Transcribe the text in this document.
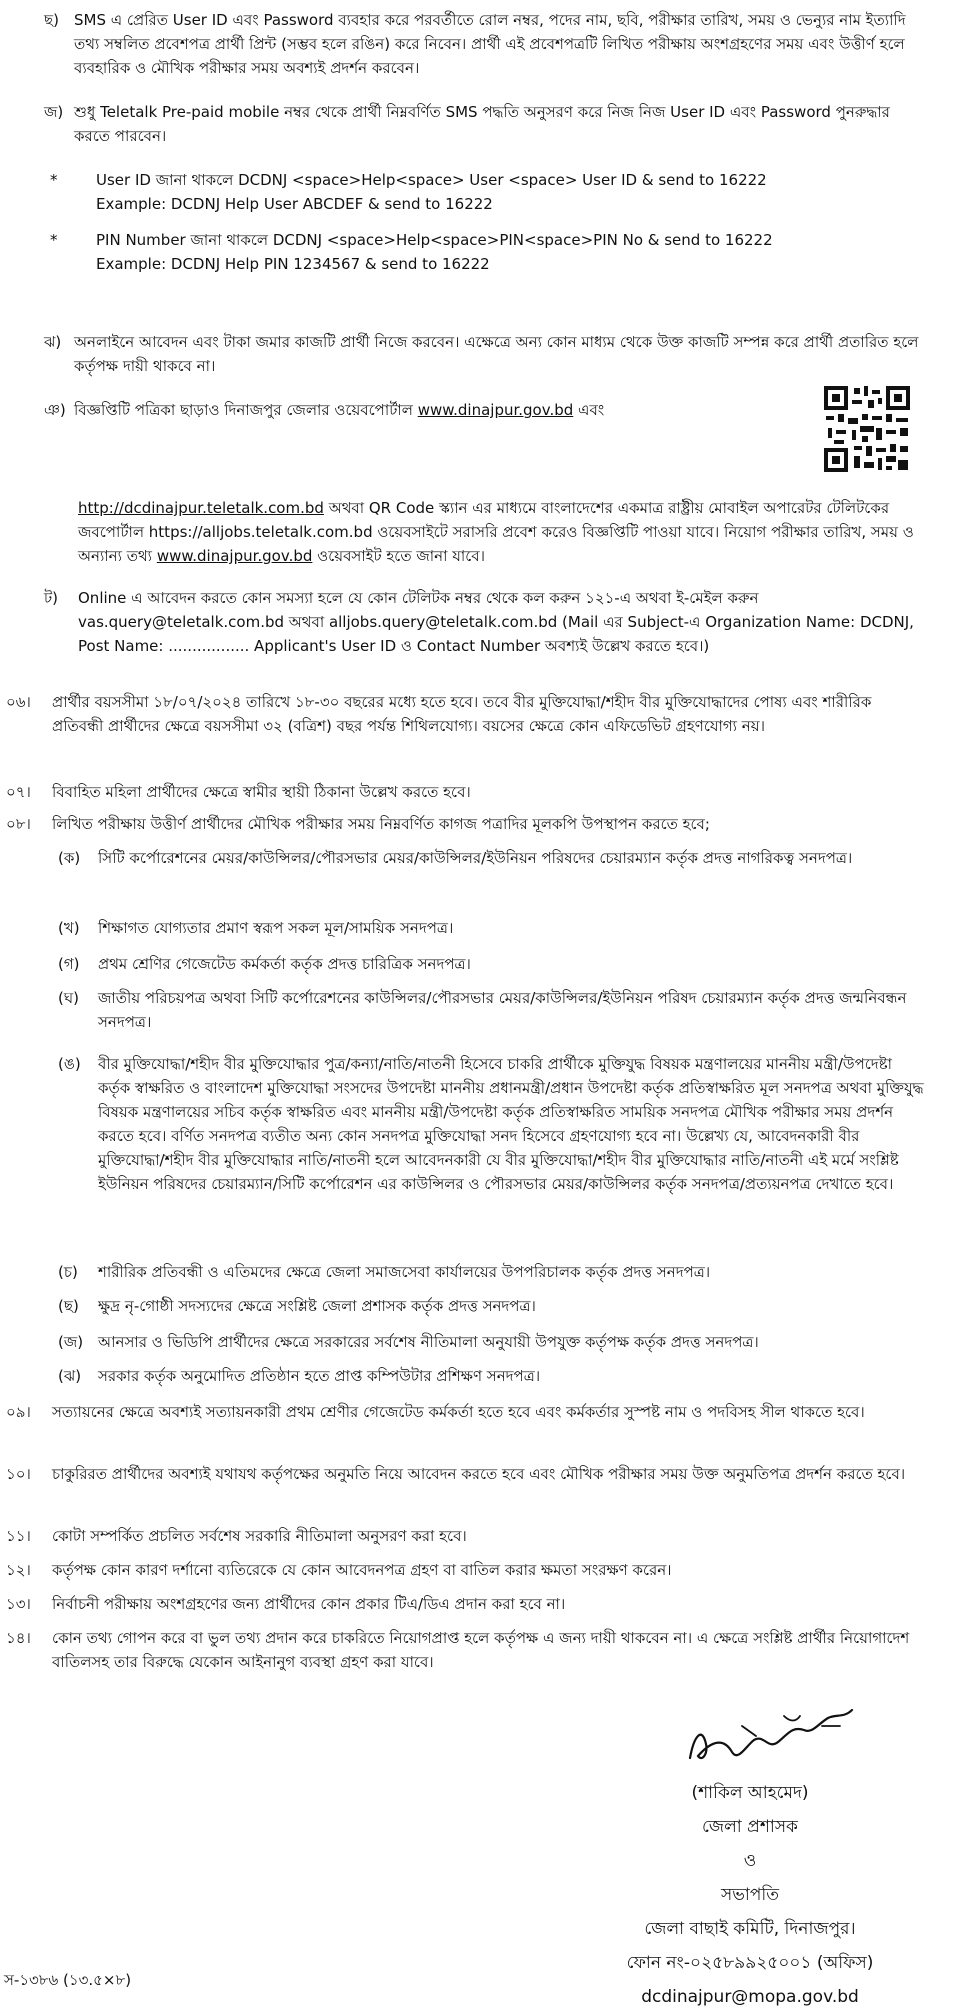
ছ)	SMS এ প্রেরিত User ID এবং Password ব্যবহার করে পরবর্তীতে রোল নম্বর, পদের নাম, ছবি, পরীক্ষার তারিখ, সময় ও ভেন্যুর নাম ইত্যাদি তথ্য সম্বলিত প্রবেশপত্র প্রার্থী প্রিন্ট (সম্ভব হলে রঙিন) করে নিবেন। প্রার্থী এই প্রবেশপত্রটি লিখিত পরীক্ষায় অংশগ্রহণের সময় এবং উত্তীর্ণ হলে ব্যবহারিক ও মৌখিক পরীক্ষার সময় অবশ্যই প্রদর্শন করবেন।
জ) শুধু Teletalk Pre-paid mobile নম্বর থেকে প্রার্থী নিম্নবর্ণিত SMS পদ্ধতি অনুসরণ করে নিজ নিজ User ID এবং Password পুনরুদ্ধার করতে পারবেন।
*	User ID জানা থাকলে DCDNJ <space>Help<space> User <space> User ID & send to 16222
Example: DCDNJ Help User ABCDEF & send to 16222
*	PIN Number জানা থাকলে DCDNJ <space>Help<space>PIN<space>PIN No & send to 16222
Example: DCDNJ Help PIN 1234567 & send to 16222
ঝ) অনলাইনে আবেদন এবং টাকা জমার কাজটি প্রার্থী নিজে করবেন। এক্ষেত্রে অন্য কোন মাধ্যম থেকে উক্ত কাজটি সম্পন্ন করে প্রার্থী প্রতারিত হলে কর্তৃপক্ষ দায়ী থাকবে না।
ঞ) বিজ্ঞপ্তিটি পত্রিকা ছাড়াও দিনাজপুর জেলার ওয়েবপোর্টাল www.dinajpur.gov.bd এবং
http://dcdinajpur.teletalk.com.bd অথবা QR Code স্ক্যান এর মাধ্যমে বাংলাদেশের একমাত্র রাষ্ট্রীয় মোবাইল অপারেটর টেলিটকের জবপোর্টাল https://alljobs.teletalk.com.bd ওয়েবসাইটে সরাসরি প্রবেশ করেও বিজ্ঞপ্তিটি পাওয়া যাবে। নিয়োগ পরীক্ষার তারিখ, সময় ও অন্যান্য তথ্য www.dinajpur.gov.bd ওয়েবসাইট হতে জানা যাবে।
ট)	Online এ আবেদন করতে কোন সমস্যা হলে যে কোন টেলিটক নম্বর থেকে কল করুন ১২১-এ অথবা ই-মেইল করুন vas.query@teletalk.com.bd অথবা alljobs.query@teletalk.com.bd (Mail এর Subject-এ Organization Name: DCDNJ, Post Name: ................. Applicant's User ID ও Contact Number অবশ্যই উল্লেখ করতে হবে।)
০৬।	প্রার্থীর বয়সসীমা ১৮/০৭/২০২৪ তারিখে ১৮-৩০ বছরের মধ্যে হতে হবে। তবে বীর মুক্তিযোদ্ধা/শহীদ বীর মুক্তিযোদ্ধাদের পোষ্য এবং শারীরিক প্রতিবন্ধী প্রার্থীদের ক্ষেত্রে বয়সসীমা ৩২ (বত্রিশ) বছর পর্যন্ত শিথিলযোগ্য। বয়সের ক্ষেত্রে কোন এফিডেভিট গ্রহণযোগ্য নয়।
০৭।	বিবাহিত মহিলা প্রার্থীদের ক্ষেত্রে স্বামীর স্থায়ী ঠিকানা উল্লেখ করতে হবে।
০৮।	লিখিত পরীক্ষায় উত্তীর্ণ প্রার্থীদের মৌখিক পরীক্ষার সময় নিম্নবর্ণিত কাগজ পত্রাদির মূলকপি উপস্থাপন করতে হবে;
(ক)	সিটি কর্পোরেশনের মেয়র/কাউন্সিলর/পৌরসভার মেয়র/কাউন্সিলর/ইউনিয়ন পরিষদের চেয়ারম্যান কর্তৃক প্রদত্ত নাগরিকত্ব সনদপত্র।
(খ)	শিক্ষাগত যোগ্যতার প্রমাণ স্বরূপ সকল মূল/সাময়িক সনদপত্র।
(গ)	প্রথম শ্রেণির গেজেটেড কর্মকর্তা কর্তৃক প্রদত্ত চারিত্রিক সনদপত্র।
(ঘ)	জাতীয় পরিচয়পত্র অথবা সিটি কর্পোরেশনের কাউন্সিলর/পৌরসভার মেয়র/কাউন্সিলর/ইউনিয়ন পরিষদ চেয়ারম্যান কর্তৃক প্রদত্ত জন্মনিবন্ধন সনদপত্র।
(ঙ)	বীর মুক্তিযোদ্ধা/শহীদ বীর মুক্তিযোদ্ধার পুত্র/কন্যা/নাতি/নাতনী হিসেবে চাকরি প্রার্থীকে মুক্তিযুদ্ধ বিষয়ক মন্ত্রণালয়ের মাননীয় মন্ত্রী/উপদেষ্টা কর্তৃক স্বাক্ষরিত ও বাংলাদেশ মুক্তিযোদ্ধা সংসদের উপদেষ্টা মাননীয় প্রধানমন্ত্রী/প্রধান উপদেষ্টা কর্তৃক প্রতিস্বাক্ষরিত মূল সনদপত্র অথবা মুক্তিযুদ্ধ বিষয়ক মন্ত্রণালয়ের সচিব কর্তৃক স্বাক্ষরিত এবং মাননীয় মন্ত্রী/উপদেষ্টা কর্তৃক প্রতিস্বাক্ষরিত সাময়িক সনদপত্র মৌখিক পরীক্ষার সময় প্রদর্শন করতে হবে। বর্ণিত সনদপত্র ব্যতীত অন্য কোন সনদপত্র মুক্তিযোদ্ধা সনদ হিসেবে গ্রহণযোগ্য হবে না। উল্লেখ্য যে, আবেদনকারী বীর মুক্তিযোদ্ধা/শহীদ বীর মুক্তিযোদ্ধার নাতি/নাতনী হলে আবেদনকারী যে বীর মুক্তিযোদ্ধা/শহীদ বীর মুক্তিযোদ্ধার নাতি/নাতনী এই মর্মে সংশ্লিষ্ট ইউনিয়ন পরিষদের চেয়ারম্যান/সিটি কর্পোরেশন এর কাউন্সিলর ও পৌরসভার মেয়র/কাউন্সিলর কর্তৃক সনদপত্র/প্রত্যয়নপত্র দেখাতে হবে।
(চ)	শারীরিক প্রতিবন্ধী ও এতিমদের ক্ষেত্রে জেলা সমাজসেবা কার্যালয়ের উপপরিচালক কর্তৃক প্রদত্ত সনদপত্র।
(ছ)	ক্ষুদ্র নৃ-গোষ্ঠী সদস্যদের ক্ষেত্রে সংশ্লিষ্ট জেলা প্রশাসক কর্তৃক প্রদত্ত সনদপত্র।
(জ) আনসার ও ভিডিপি প্রার্থীদের ক্ষেত্রে সরকারের সর্বশেষ নীতিমালা অনুযায়ী উপযুক্ত কর্তৃপক্ষ কর্তৃক প্রদত্ত সনদপত্র।
(ঝ)	সরকার কর্তৃক অনুমোদিত প্রতিষ্ঠান হতে প্রাপ্ত কম্পিউটার প্রশিক্ষণ সনদপত্র।
০৯।	সত্যায়নের ক্ষেত্রে অবশ্যই সত্যায়নকারী প্রথম শ্রেণীর গেজেটেড কর্মকর্তা হতে হবে এবং কর্মকর্তার সুস্পষ্ট নাম ও পদবিসহ সীল থাকতে হবে।
১০।	চাকুরিরত প্রার্থীদের অবশ্যই যথাযথ কর্তৃপক্ষের অনুমতি নিয়ে আবেদন করতে হবে এবং মৌখিক পরীক্ষার সময় উক্ত অনুমতিপত্র প্রদর্শন করতে হবে।
১১।	কোটা সম্পর্কিত প্রচলিত সর্বশেষ সরকারি নীতিমালা অনুসরণ করা হবে।
১২।	কর্তৃপক্ষ কোন কারণ দর্শানো ব্যতিরেকে যে কোন আবেদনপত্র গ্রহণ বা বাতিল করার ক্ষমতা সংরক্ষণ করেন।
১৩।	নির্বাচনী পরীক্ষায় অংশগ্রহণের জন্য প্রার্থীদের কোন প্রকার টিএ/ডিএ প্রদান করা হবে না।
১৪।	কোন তথ্য গোপন করে বা ভুল তথ্য প্রদান করে চাকরিতে নিয়োগপ্রাপ্ত হলে কর্তৃপক্ষ এ জন্য দায়ী থাকবেন না। এ ক্ষেত্রে সংশ্লিষ্ট প্রার্থীর নিয়োগাদেশ বাতিলসহ তার বিরুদ্ধে যেকোন আইনানুগ ব্যবস্থা গ্রহণ করা যাবে।
(শাকিল আহমেদ)
জেলা প্রশাসক
ও
সভাপতি
জেলা বাছাই কমিটি, দিনাজপুর।
ফোন নং-০২৫৮৯৯২৫০০১ (অফিস)
dcdinajpur@mopa.gov.bd
স-১৩৮৬ (১৩.৫×৮)
